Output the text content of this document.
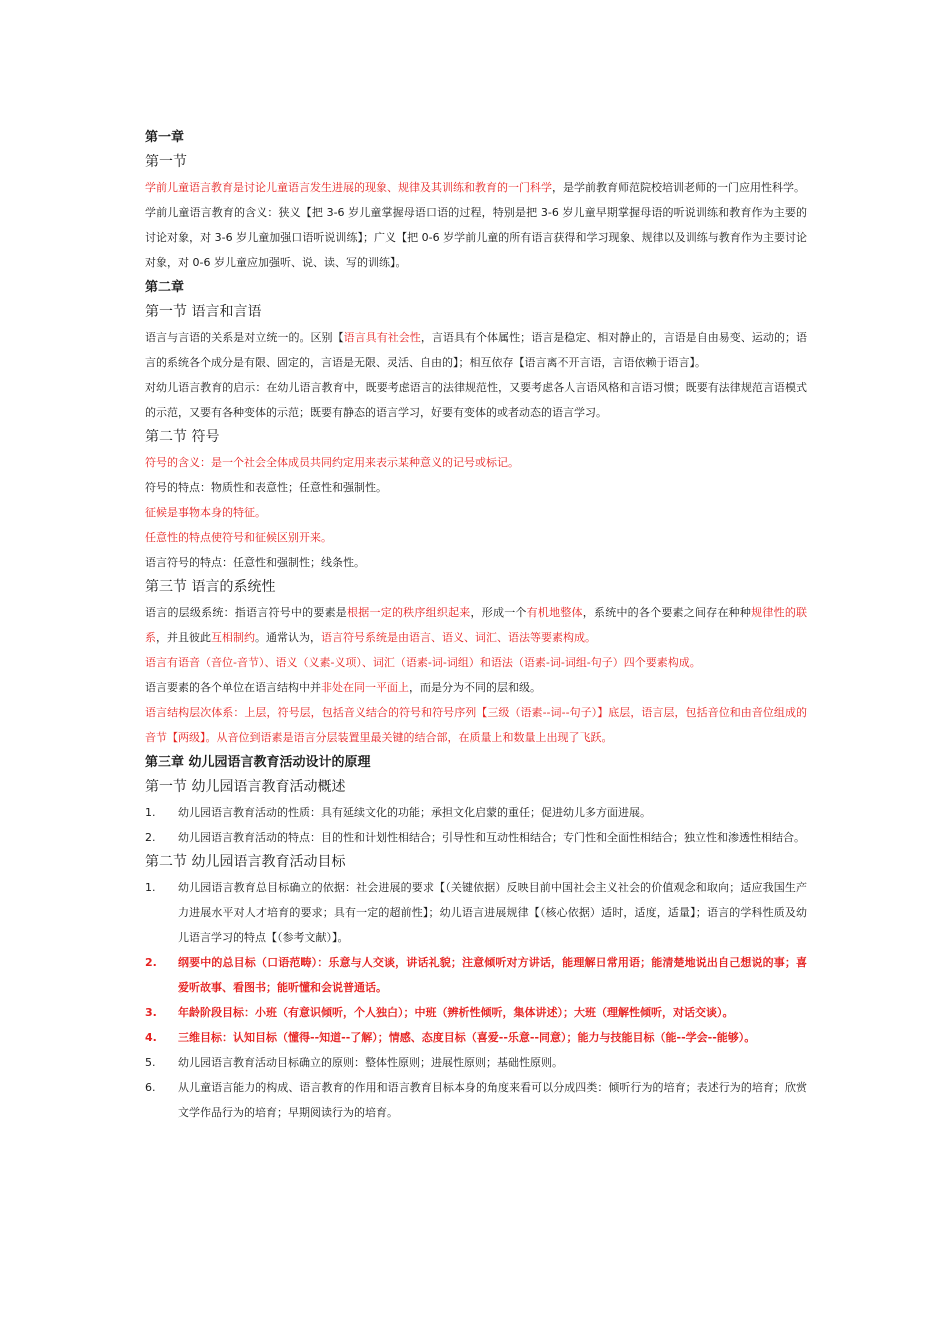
第一章
第一节
学前儿童语言教育是讨论儿童语言发生进展的现象、规律及其训练和教育的一门科学，是学前教育师范院校培训老师的一门应用性科学。
学前儿童语言教育的含义：狭义【把 3-6 岁儿童掌握母语口语的过程，特别是把 3-6 岁儿童早期掌握母语的听说训练和教育作为主要的讨论对象，对 3-6 岁儿童加强口语听说训练】；广义【把 0-6 岁学前儿童的所有语言获得和学习现象、规律以及训练与教育作为主要讨论对象，对 0-6 岁儿童应加强听、说、读、写的训练】。
第二章
第一节 语言和言语
语言与言语的关系是对立统一的。区别【语言具有社会性，言语具有个体属性；语言是稳定、相对静止的，言语是自由易变、运动的；语言的系统各个成分是有限、固定的，言语是无限、灵活、自由的】；相互依存【语言离不开言语，言语依赖于语言】。
对幼儿语言教育的启示：在幼儿语言教育中，既要考虑语言的法律规范性，又要考虑各人言语风格和言语习惯；既要有法律规范言语模式的示范，又要有各种变体的示范；既要有静态的语言学习，好要有变体的或者动态的语言学习。
第二节 符号
符号的含义：是一个社会全体成员共同约定用来表示某种意义的记号或标记。
符号的特点：物质性和表意性；任意性和强制性。
征候是事物本身的特征。
任意性的特点使符号和征候区别开来。
语言符号的特点：任意性和强制性；线条性。
第三节 语言的系统性
语言的层级系统：指语言符号中的要素是根据一定的秩序组织起来，形成一个有机地整体，系统中的各个要素之间存在种种规律性的联系，并且彼此互相制约。通常认为，语言符号系统是由语言、语义、词汇、语法等要素构成。
语言有语音（音位-音节）、语义（义素-义项）、词汇（语素-词-词组）和语法（语素-词-词组-句子）四个要素构成。
语言要素的各个单位在语言结构中并非处在同一平面上，而是分为不同的层和级。
语言结构层次体系：上层，符号层，包括音义结合的符号和符号序列【三级（语素--词--句子）】底层，语言层，包括音位和由音位组成的音节【两级】。从音位到语素是语言分层装置里最关键的结合部，在质量上和数量上出现了飞跃。
第三章 幼儿园语言教育活动设计的原理
第一节 幼儿园语言教育活动概述
1.	幼儿园语言教育活动的性质：具有延续文化的功能；承担文化启蒙的重任；促进幼儿多方面进展。
2.	幼儿园语言教育活动的特点：目的性和计划性相结合；引导性和互动性相结合；专门性和全面性相结合；独立性和渗透性相结合。
第二节 幼儿园语言教育活动目标
1.	幼儿园语言教育总目标确立的依据：社会进展的要求【（关键依据）反映目前中国社会主义社会的价值观念和取向；适应我国生产力进展水平对人才培育的要求；具有一定的超前性】；幼儿语言进展规律【（核心依据）适时，适度，适量】；语言的学科性质及幼儿语言学习的特点【（参考文献）】。
2.	纲要中的总目标（口语范畴）：乐意与人交谈，讲话礼貌；注意倾听对方讲话，能理解日常用语；能清楚地说出自己想说的事；喜爱听故事、看图书；能听懂和会说普通话。
3.	年龄阶段目标：小班（有意识倾听，个人独白）；中班（辨析性倾听，集体讲述）；大班（理解性倾听，对话交谈）。
4.	三维目标：认知目标（懂得--知道--了解）；情感、态度目标（喜爱--乐意--同意）；能力与技能目标（能--学会--能够）。
5.	幼儿园语言教育活动目标确立的原则：整体性原则；进展性原则；基础性原则。
6.	从儿童语言能力的构成、语言教育的作用和语言教育目标本身的角度来看可以分成四类：倾听行为的培育；表述行为的培育；欣赏文学作品行为的培育；早期阅读行为的培育。
